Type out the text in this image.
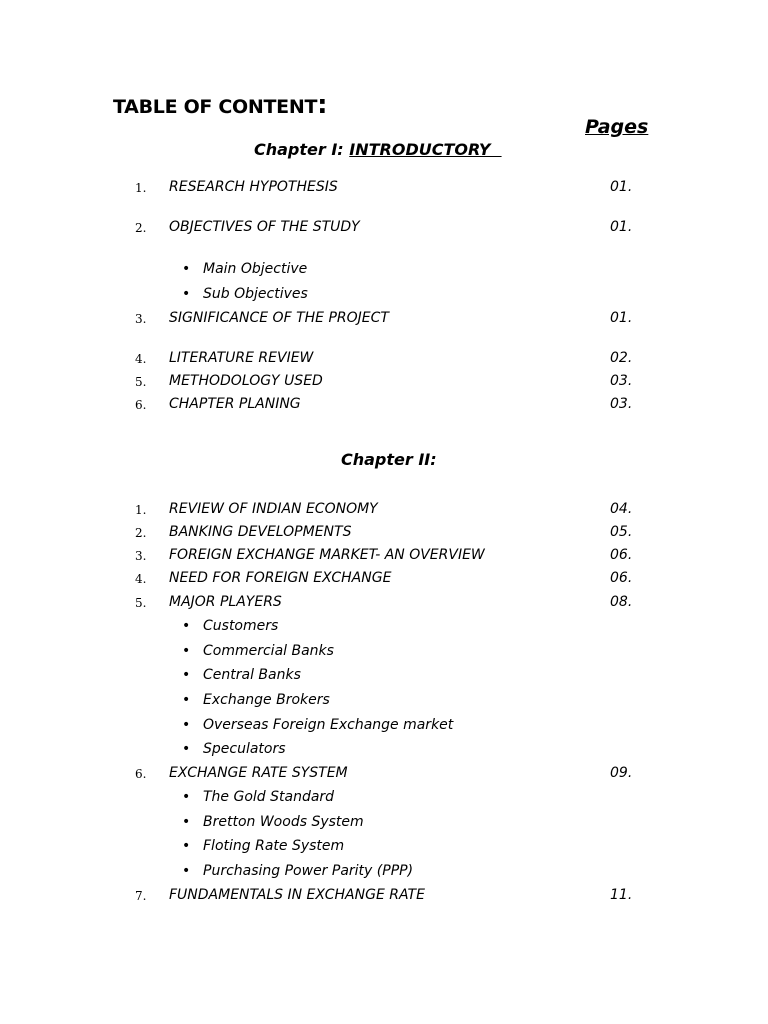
TABLE OF CONTENT:
Pages
Chapter I: INTRODUCTORY
1. RESEARCH HYPOTHESIS	01.
2. OBJECTIVES OF THE STUDY	01.
• Main Objective
• Sub Objectives
3. SIGNIFICANCE OF THE PROJECT	01.
4. LITERATURE REVIEW	02.
5. METHODOLOGY USED	03.
6. CHAPTER PLANING	03.
Chapter II:
1. REVIEW OF INDIAN ECONOMY	04.
2. BANKING DEVELOPMENTS	05.
3. FOREIGN EXCHANGE MARKET- AN OVERVIEW	06.
4. NEED FOR FOREIGN EXCHANGE	06.
5. MAJOR PLAYERS	08.
• Customers
• Commercial Banks
• Central Banks
• Exchange Brokers
• Overseas Foreign Exchange market
• Speculators
6. EXCHANGE RATE SYSTEM	09.
• The Gold Standard
• Bretton Woods System
• Floting Rate System
• Purchasing Power Parity (PPP)
7. FUNDAMENTALS IN EXCHANGE RATE	11.
